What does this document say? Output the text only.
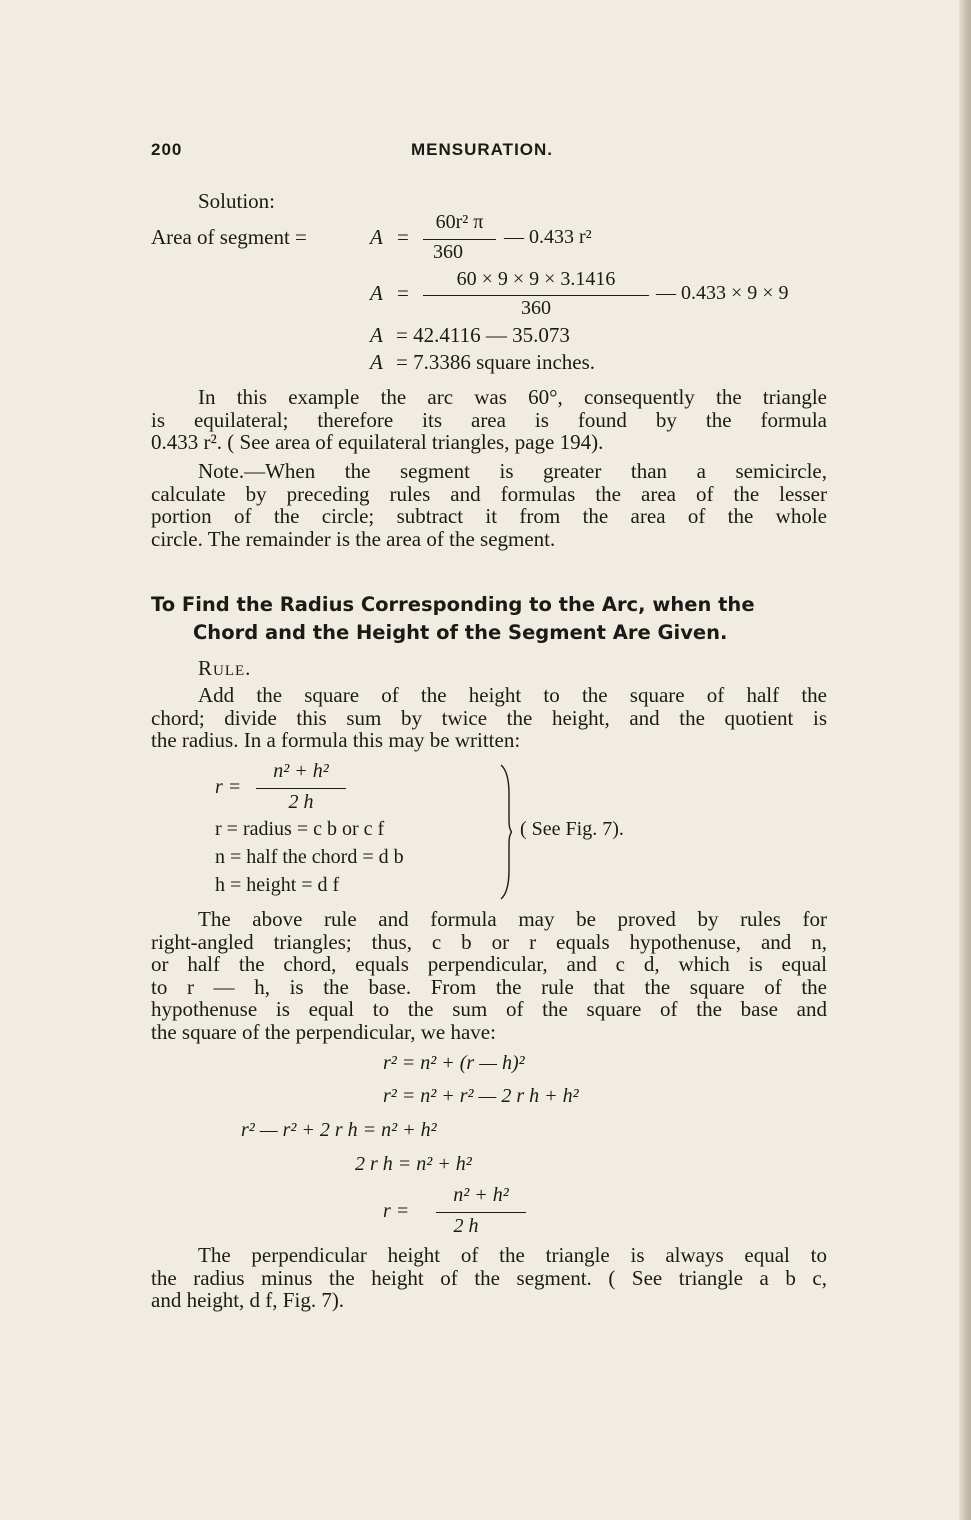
200	MENSURATION.
Solution:
Area of segment =	A =
60r² π
360
— 0.433 r²
A =
60 × 9 × 9 × 3.1416
360
— 0.433 × 9 × 9
A = 42.4116 — 35.073
A = 7.3386 square inches.
In this example the arc was 60°, consequently the triangle
is equilateral; therefore its area is found by the formula
0.433 r². ( See area of equilateral triangles, page 194).
Note.—When the segment is greater than a semicircle,
calculate by preceding rules and formulas the area of the lesser
portion of the circle; subtract it from the area of the whole
circle. The remainder is the area of the segment.
To Find the Radius Corresponding to the Arc, when the
Chord and the Height of the Segment Are Given.
Rule.
Add the square of the height to the square of half the
chord; divide this sum by twice the height, and the quotient is
the radius. In a formula this may be written:
r =
n² + h²
2 h
r = radius = c b or c f
n = half the chord = d b
h = height = d f
( See Fig. 7).
The above rule and formula may be proved by rules for
right-angled triangles; thus, c b or r equals hypothenuse, and n,
or half the chord, equals perpendicular, and c d, which is equal
to r — h, is the base. From the rule that the square of the
hypothenuse is equal to the sum of the square of the base and
the square of the perpendicular, we have:
r² = n² + (r — h)²
r² = n² + r² — 2 r h + h²
r² — r² + 2 r h = n² + h²
2 r h = n² + h²
r =
n² + h²
2 h
The perpendicular height of the triangle is always equal to
the radius minus the height of the segment. ( See triangle a b c,
and height, d f, Fig. 7).
